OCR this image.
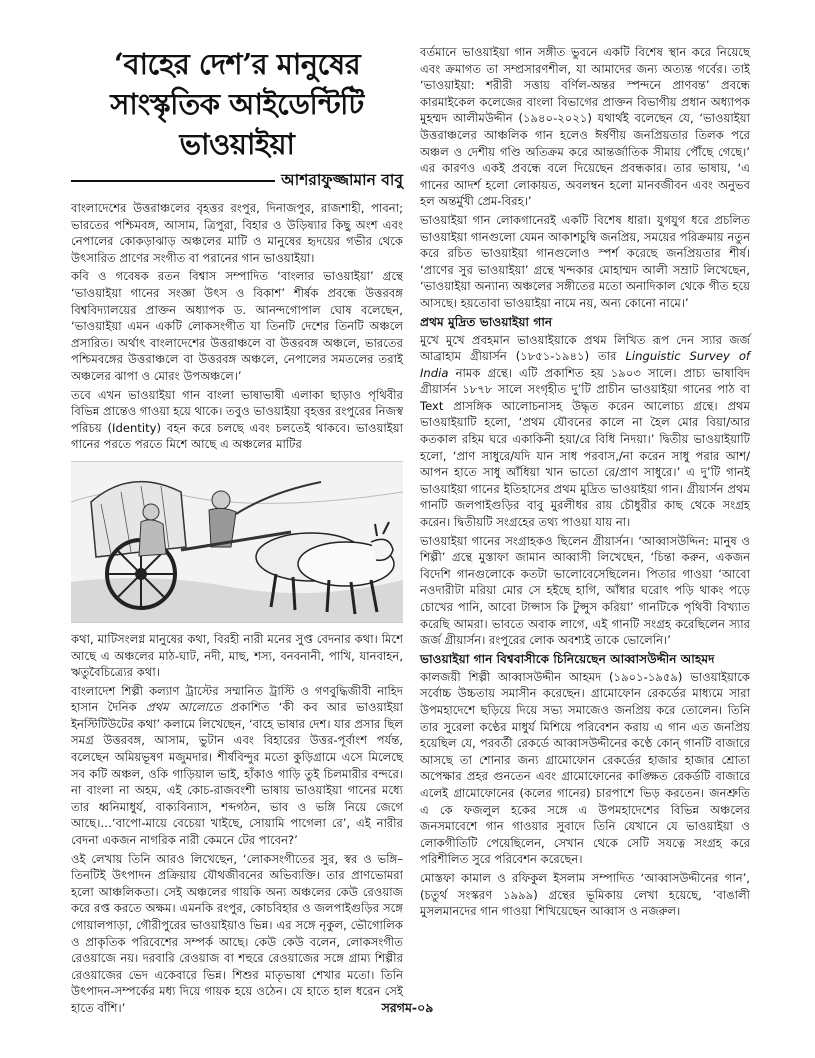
‘বাহের দেশ’র মানুষের সাংস্কৃতিক আইডেন্টিটি ভাওয়াইয়া
আশরাফুজ্জামান বাবু

বাংলাদেশের উত্তরাঞ্চলের বৃহত্তর রংপুর, দিনাজপুর, রাজশাহী, পাবনা; ভারতের পশ্চিমবঙ্গ, আসাম, ত্রিপুরা, বিহার ও উড়িষ্যার কিছু অংশ এবং নেপালের কোকড়াঝাড় অঞ্চলের মাটি ও মানুষের হৃদয়ের গভীর থেকে উৎসারিত প্রাণের সংগীত বা পরানের গান ভাওয়াইয়া।

কবি ও গবেষক রতন বিশ্বাস সম্পাদিত ‘বাংলার ভাওয়াইয়া’ গ্রন্থে ‘ভাওয়াইয়া গানের সংজ্ঞা উৎস ও বিকাশ’ শীর্ষক প্রবন্ধে উত্তরবঙ্গ বিশ্ববিদ্যালয়ের প্রাক্তন অধ্যাপক ড. আনন্দগোপাল ঘোষ বলেছেন, ‘ভাওয়াইয়া এমন একটি লোকসংগীত যা তিনটি দেশের তিনটি অঞ্চলে প্রসারিত। অর্থাৎ বাংলাদেশের উত্তরাঞ্চলে বা উত্তরবঙ্গ অঞ্চলে, ভারতের পশ্চিমবঙ্গের উত্তরাঞ্চলে বা উত্তরবঙ্গ অঞ্চলে, নেপালের সমতলের তরাই অঞ্চলের ঝাপা ও মোরং উপঅঞ্চলে।’

তবে এখন ভাওয়াইয়া গান বাংলা ভাষাভাষী এলাকা ছাড়াও পৃথিবীর বিভিন্ন প্রান্তেও গাওয়া হয়ে থাকে। তবুও ভাওয়াইয়া বৃহত্তর রংপুরের নিজস্ব পরিচয় (Identity) বহন করে চলছে এবং চলতেই থাকবে। ভাওয়াইয়া গানের পরতে পরতে মিশে আছে এ অঞ্চলের মাটির

কথা, মাটিসংলগ্ন মানুষের কথা, বিরহী নারী মনের সুপ্ত বেদনার কথা। মিশে আছে এ অঞ্চলের মাঠ-ঘাট, নদী, মাছ, শস্য, বনবনানী, পাখি, যানবাহন, ঋতুবৈচিত্র্যের কথা।

বাংলাদেশ শিল্পী কল্যাণ ট্রাস্টের সম্মানিত ট্রাস্টি ও গণবুদ্ধিজীবী নাহিদ হাসান দৈনিক প্রথম আলোতে প্রকাশিত ‘কী কব আর ভাওয়াইয়া ইনস্টিটিউটের কথা’ কলামে লিখেছেন, ‘বাহে ভাষার দেশ। যার প্রসার ছিল সমগ্র উত্তরবঙ্গ, আসাম, ভুটান এবং বিহারের উত্তর-পূর্বাংশ পর্যন্ত, বলেছেন অমিয়ভূষণ মজুমদার। শীর্ষবিন্দুর মতো কুড়িগ্রামে এসে মিলেছে সব কটি অঞ্চল, ওকি গাড়িয়াল ভাই, হাঁকাও গাড়ি তুই চিলমারীর বন্দরে। না বাংলা না অহম, এই কোচ-রাজবংশী ভাষায় ভাওয়াইয়া গানের মধ্যে তার ধ্বনিমাধুর্য, বাক্যবিন্যাস, শব্দগঠন, ভাব ও ভঙ্গি নিয়ে জেগে আছে।…‘বাপো-মায়ে বেচেয়া খাইছে, সোয়ামি পাগেলা রে’, এই নারীর বেদনা একজন নাগরিক নারী কেমনে টের পাবেন?’

ওই লেখায় তিনি আরও লিখেছেন, ‘লোকসংগীতের সুর, স্বর ও ভঙ্গি–তিনটিই উৎপাদন প্রক্রিয়ায় যৌথজীবনের অভিব্যক্তি। তার প্রাণভোমরা হলো আঞ্চলিকতা। সেই অঞ্চলের গায়কি অন্য অঞ্চলের কেউ রেওয়াজ করে রপ্ত করতে অক্ষম। এমনকি রংপুর, কোচবিহার ও জলপাইগুড়ির সঙ্গে গোয়ালপাড়া, গৌরীপুরের ভাওয়াইয়াও ভিন্ন। এর সঙ্গে নৃকুল, ভৌগোলিক ও প্রাকৃতিক পরিবেশের সম্পর্ক আছে। কেউ কেউ বলেন, লোকসংগীত রেওয়াজে নয়। দরবারি রেওয়াজ বা শহুরে রেওয়াজের সঙ্গে গ্রাম্য শিল্পীর রেওয়াজের ভেদ একেবারে ভিন্ন। শিশুর মাতৃভাষা শেখার মতো। তিনি উৎপাদন-সম্পর্কের মধ্য দিয়ে গায়ক হয়ে ওঠেন। যে হাতে হাল ধরেন সেই হাতে বাঁশি।’

বর্তমানে ভাওয়াইয়া গান সঙ্গীত ভুবনে একটি বিশেষ স্থান করে নিয়েছে এবং ক্রমাগত তা সম্প্রসারণশীল, যা আমাদের জন্য অত্যন্ত গর্বের। তাই ‘ভাওয়াইয়া: শরীরী সত্তায় বর্ণিল-অন্তর স্পন্দনে প্রাণবন্ত’ প্রবন্ধে কারমাইকেল কলেজের বাংলা বিভাগের প্রাক্তন বিভাগীয় প্রধান অধ্যাপক মুহম্মদ আলীমউদ্দীন (১৯৪০-২০২১) যথার্থই বলেছেন যে, ‘ভাওয়াইয়া উত্তরাঞ্চলের আঞ্চলিক গান হলেও ঈর্ষণীয় জনপ্রিয়তার তিলক পরে অঞ্চল ও দেশীয় গণ্ডি অতিক্রম করে আন্তর্জাতিক সীমায় পৌঁছে গেছে।’ এর কারণও একই প্রবন্ধে বলে দিয়েছেন প্রবন্ধকার। তার ভাষায়, ‘এ গানের আদর্শ হলো লোকায়ত, অবলম্বন হলো মানবজীবন এবং অনুভব হল অন্তর্মুখী প্রেম-বিরহ।’

ভাওয়াইয়া গান লোকগানেরই একটি বিশেষ ধারা। যুগযুগ ধরে প্রচলিত ভাওয়াইয়া গানগুলো যেমন আকাশচুম্বি জনপ্রিয়, সময়ের পরিক্রমায় নতুন করে রচিত ভাওয়াইয়া গানগুলোও স্পর্শ করেছে জনপ্রিয়তার শীর্ষ। ‘প্রাণের সুর ভাওয়াইয়া’ গ্রন্থে খন্দকার মোহাম্মদ আলী সম্রাট লিখেছেন, ‘ভাওয়াইয়া অন্যান্য অঞ্চলের সঙ্গীতের মতো অনাদিকাল থেকে গীত হয়ে আসছে। হয়তোবা ভাওয়াইয়া নামে নয়, অন্য কোনো নামে।’

প্রথম মুদ্রিত ভাওয়াইয়া গান

মুখে মুখে প্রবহমান ভাওয়াইয়াকে প্রথম লিখিত রূপ দেন স্যার জর্জ আব্রাহাম গ্রীয়ার্সন (১৮৫১-১৯৪১) তার Linguistic Survey of India নামক গ্রন্থে। এটি প্রকাশিত হয় ১৯০৩ সালে। প্রাচ্য ভাষাবিদ গ্রীয়ার্সন ১৮৭৮ সালে সংগৃহীত দু’টি প্রাচীন ভাওয়াইয়া গানের পাঠ বা Text প্রাসঙ্গিক আলোচনাসহ উদ্ধৃত করেন আলোচ্য গ্রন্থে। প্রথম ভাওয়াইয়াটি হলো, ‘প্রথম যৌবনের কালে না হৈল মোর বিয়া/আর কতকাল রহিম ঘরে একাকিনী হয়া/রে বিধি নিদয়া।’ দ্বিতীয় ভাওয়াইয়াটি হলো, ‘প্রাণ সাধুরে/যদি যান সাধ পরবাস,/না করেন সাধু পরার আশ/আপন হাতে সাধু আঁধিয়া খান ভাতো রে/প্রাণ সাধুরে।’ এ দু’টি গানই ভাওয়াইয়া গানের ইতিহাসের প্রথম মুদ্রিত ভাওয়াইয়া গান। গ্রীয়ার্সন প্রথম গানটি জলপাইগুড়ির বাবু মুরলীধর রায় চৌধুরীর কাছ থেকে সংগ্রহ করেন। দ্বিতীয়টি সংগ্রহের তথ্য পাওয়া যায় না।

ভাওয়াইয়া গানের সংগ্রাহকও ছিলেন গ্রীয়ার্সন। ‘আব্বাসউদ্দিন: মানুষ ও শিল্পী’ গ্রন্থে মুস্তাফা জামান আব্বাসী লিখেছেন, ‘চিন্তা করুন, একজন বিদেশি গানগুলোকে কতটা ভালোবেসেছিলেন। পিতার গাওয়া ‘আবো নওদারীটা মরিয়া মোর সে হইছে হাগি, আঁধার ঘরোৎ পড়ি থাকং পড়ে চোখের পানি, আবো টাপ্সাস কি টুপ্সুস করিয়া’ গানটিকে পৃথিবী বিখ্যাত করেছি আমরা। ভাবতে অবাক লাগে, এই গানটি সংগ্রহ করেছিলেন স্যার জর্জ গ্রীয়ার্সন। রংপুরের লোক অবশ্যই তাকে ভোলেনি।’

ভাওয়াইয়া গান বিশ্ববাসীকে চিনিয়েছেন আব্বাসউদ্দীন আহমদ

কালজয়ী শিল্পী আব্বাসউদ্দীন আহমদ (১৯০১-১৯৫৯) ভাওয়াইয়াকে সর্বোচ্চ উচ্চতায় সমাসীন করেছেন। গ্রামোফোন রেকর্ডের মাধ্যমে সারা উপমহাদেশে ছড়িয়ে দিয়ে সভ্য সমাজেও জনপ্রিয় করে তোলেন। তিনি তার সুরেলা কণ্ঠের মাধুর্য মিশিয়ে পরিবেশন করায় এ গান এত জনপ্রিয় হয়েছিল যে, পরবর্তী রেকর্ডে আব্বাসউদ্দীনের কণ্ঠে কোন্‌ গানটি বাজারে আসছে তা শোনার জন্য গ্রামোফোন রেকর্ডের হাজার হাজার শ্রোতা অপেক্ষার প্রহর গুনতেন এবং গ্রামোফোনের কাঙ্ক্ষিত রেকর্ডটি বাজারে এলেই গ্রামোফোনের (কলের গানের) চারপাশে ভিড় করতেন। জনশ্রুতি এ কে ফজলুল হকের সঙ্গে এ উপমহাদেশের বিভিন্ন অঞ্চলের জনসমাবেশে গান গাওয়ার সুবাদে তিনি যেখানে যে ভাওয়াইয়া ও লোকগীতিটি পেয়েছিলেন, সেখান থেকে সেটি সযত্নে সংগ্রহ করে পরিশীলিত সুরে পরিবেশন করেছেন।

মোস্তফা কামাল ও রফিকুল ইসলাম সম্পাদিত ‘আব্বাসউদ্দীনের গান’, (চতুর্থ সংস্করণ ১৯৯৯) গ্রন্থের ভূমিকায় লেখা হয়েছে, ‘বাঙালী মুসলমানদের গান গাওয়া শিখিয়েছেন আব্বাস ও নজরুল।

সরগম-০৯
